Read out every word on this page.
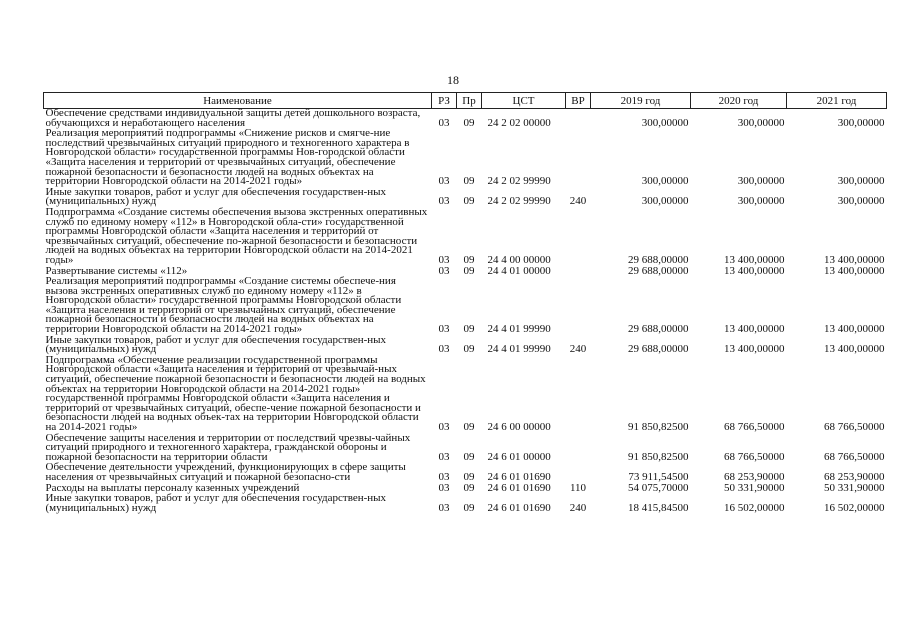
18
Наименование	РЗ	Пр	ЦСТ	ВР	2019 год	2020 год	2021 год
Обеспечение средствами индивидуальной защиты детей дошкольного возраста, обучающихся и неработающего населения	03	09	24 2 02 00000		300,00000	300,00000	300,00000
Реализация мероприятий подпрограммы «Снижение рисков и смягче-ние последствий чрезвычайных ситуаций природного и техногенного характера в Новгородской области» государственной программы Нов-городской области «Защита населения и территорий от чрезвычайных ситуаций, обеспечение пожарной безопасности и безопасности людей на водных объектах на территории Новгородской области на 2014-2021 годы»	03	09	24 2 02 99990		300,00000	300,00000	300,00000
Иные закупки товаров, работ и услуг для обеспечения государствен-ных (муниципальных) нужд	03	09	24 2 02 99990	240	300,00000	300,00000	300,00000
Подпрограмма «Создание системы обеспечения вызова экстренных оперативных служб по единому номеру «112» в Новгородской обла-сти» государственной программы Новгородской области «Защита населения и территорий от чрезвычайных ситуаций, обеспечение по-жарной безопасности и безопасности людей на водных объектах на территории Новгородской области на 2014-2021 годы»	03	09	24 4 00 00000		29 688,00000	13 400,00000	13 400,00000
Развертывание системы «112»	03	09	24 4 01 00000		29 688,00000	13 400,00000	13 400,00000
Реализация мероприятий подпрограммы «Создание системы обеспече-ния вызова экстренных оперативных служб по единому номеру «112» в Новгородской области» государственной программы Новгородской области «Защита населения и территорий от чрезвычайных ситуаций, обеспечение пожарной безопасности и безопасности людей на водных объектах на территории Новгородской области на 2014-2021 годы»	03	09	24 4 01 99990		29 688,00000	13 400,00000	13 400,00000
Иные закупки товаров, работ и услуг для обеспечения государствен-ных (муниципальных) нужд	03	09	24 4 01 99990	240	29 688,00000	13 400,00000	13 400,00000
Подпрограмма «Обеспечение реализации государственной программы Новгородской области «Защита населения и территорий от чрезвычай-ных ситуаций, обеспечение пожарной безопасности и безопасности людей на водных объектах на территории Новгородской области на 2014-2021 годы» государственной программы Новгородской области «Защита населения и территорий от чрезвычайных ситуаций, обеспе-чение пожарной безопасности и безопасности людей на водных объек-тах на территории Новгородской области на 2014-2021 годы»	03	09	24 6 00 00000		91 850,82500	68 766,50000	68 766,50000
Обеспечение защиты населения и территории от последствий чрезвы-чайных ситуаций природного и техногенного характера, гражданской обороны и пожарной безопасности на территории области	03	09	24 6 01 00000		91 850,82500	68 766,50000	68 766,50000
Обеспечение деятельности учреждений, функционирующих в сфере защиты населения от чрезвычайных ситуаций и пожарной безопасно-сти	03	09	24 6 01 01690		73 911,54500	68 253,90000	68 253,90000
Расходы на выплаты персоналу казенных учреждений	03	09	24 6 01 01690	110	54 075,70000	50 331,90000	50 331,90000
Иные закупки товаров, работ и услуг для обеспечения государствен-ных (муниципальных) нужд	03	09	24 6 01 01690	240	18 415,84500	16 502,00000	16 502,00000
